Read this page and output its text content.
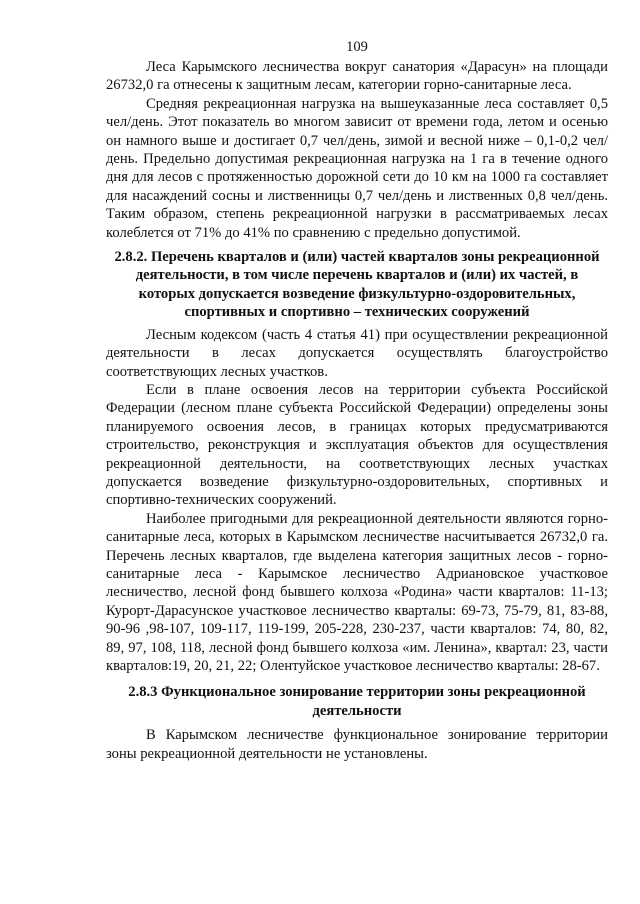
109

Леса Карымского лесничества вокруг санатория «Дарасун» на площади 26732,0 га отнесены к защитным лесам, категории горно-санитарные леса.

Средняя рекреационная нагрузка на вышеуказанные леса составляет 0,5 чел/день. Этот показатель во многом зависит от времени года, летом и осенью он намного выше и достигает 0,7 чел/день, зимой и весной ниже – 0,1-0,2 чел/день. Предельно допустимая рекреационная нагрузка на 1 га в течение одного дня для лесов с протяженностью дорожной сети до 10 км на 1000 га составляет для насаждений сосны и лиственницы 0,7 чел/день и лиственных 0,8 чел/день. Таким образом, степень рекреационной нагрузки в рассматриваемых лесах колеблется от 71% до 41% по сравнению с предельно допустимой.

2.8.2. Перечень кварталов и (или) частей кварталов зоны рекреационной деятельности, в том числе перечень кварталов и (или) их частей, в которых допускается возведение физкультурно-оздоровительных, спортивных и спортивно – технических сооружений

Лесным кодексом (часть 4 статья 41) при осуществлении рекреационной деятельности в лесах допускается осуществлять благоустройство соответствующих лесных участков.

Если в плане освоения лесов на территории субъекта Российской Федерации (лесном плане субъекта Российской Федерации) определены зоны планируемого освоения лесов, в границах которых предусматриваются строительство, реконструкция и эксплуатация объектов для осуществления рекреационной деятельности, на соответствующих лесных участках допускается возведение физкультурно-оздоровительных, спортивных и спортивно-технических сооружений.

Наиболее пригодными для рекреационной деятельности являются горно-санитарные леса, которых в Карымском лесничестве насчитывается 26732,0 га. Перечень лесных кварталов, где выделена категория защитных лесов - горно-санитарные леса - Карымское лесничество Адриановское участковое лесничество, лесной фонд бывшего колхоза «Родина» части кварталов: 11-13; Курорт-Дарасунское участковое лесничество кварталы: 69-73, 75-79, 81, 83-88, 90-96 ,98-107, 109-117, 119-199, 205-228, 230-237, части кварталов: 74, 80, 82, 89, 97, 108, 118, лесной фонд бывшего колхоза «им. Ленина», квартал: 23, части кварталов:19, 20, 21, 22; Олентуйское участковое лесничество кварталы: 28-67.

2.8.3 Функциональное зонирование территории зоны рекреационной деятельности

В Карымском лесничестве функциональное зонирование территории зоны рекреационной деятельности не установлены.
